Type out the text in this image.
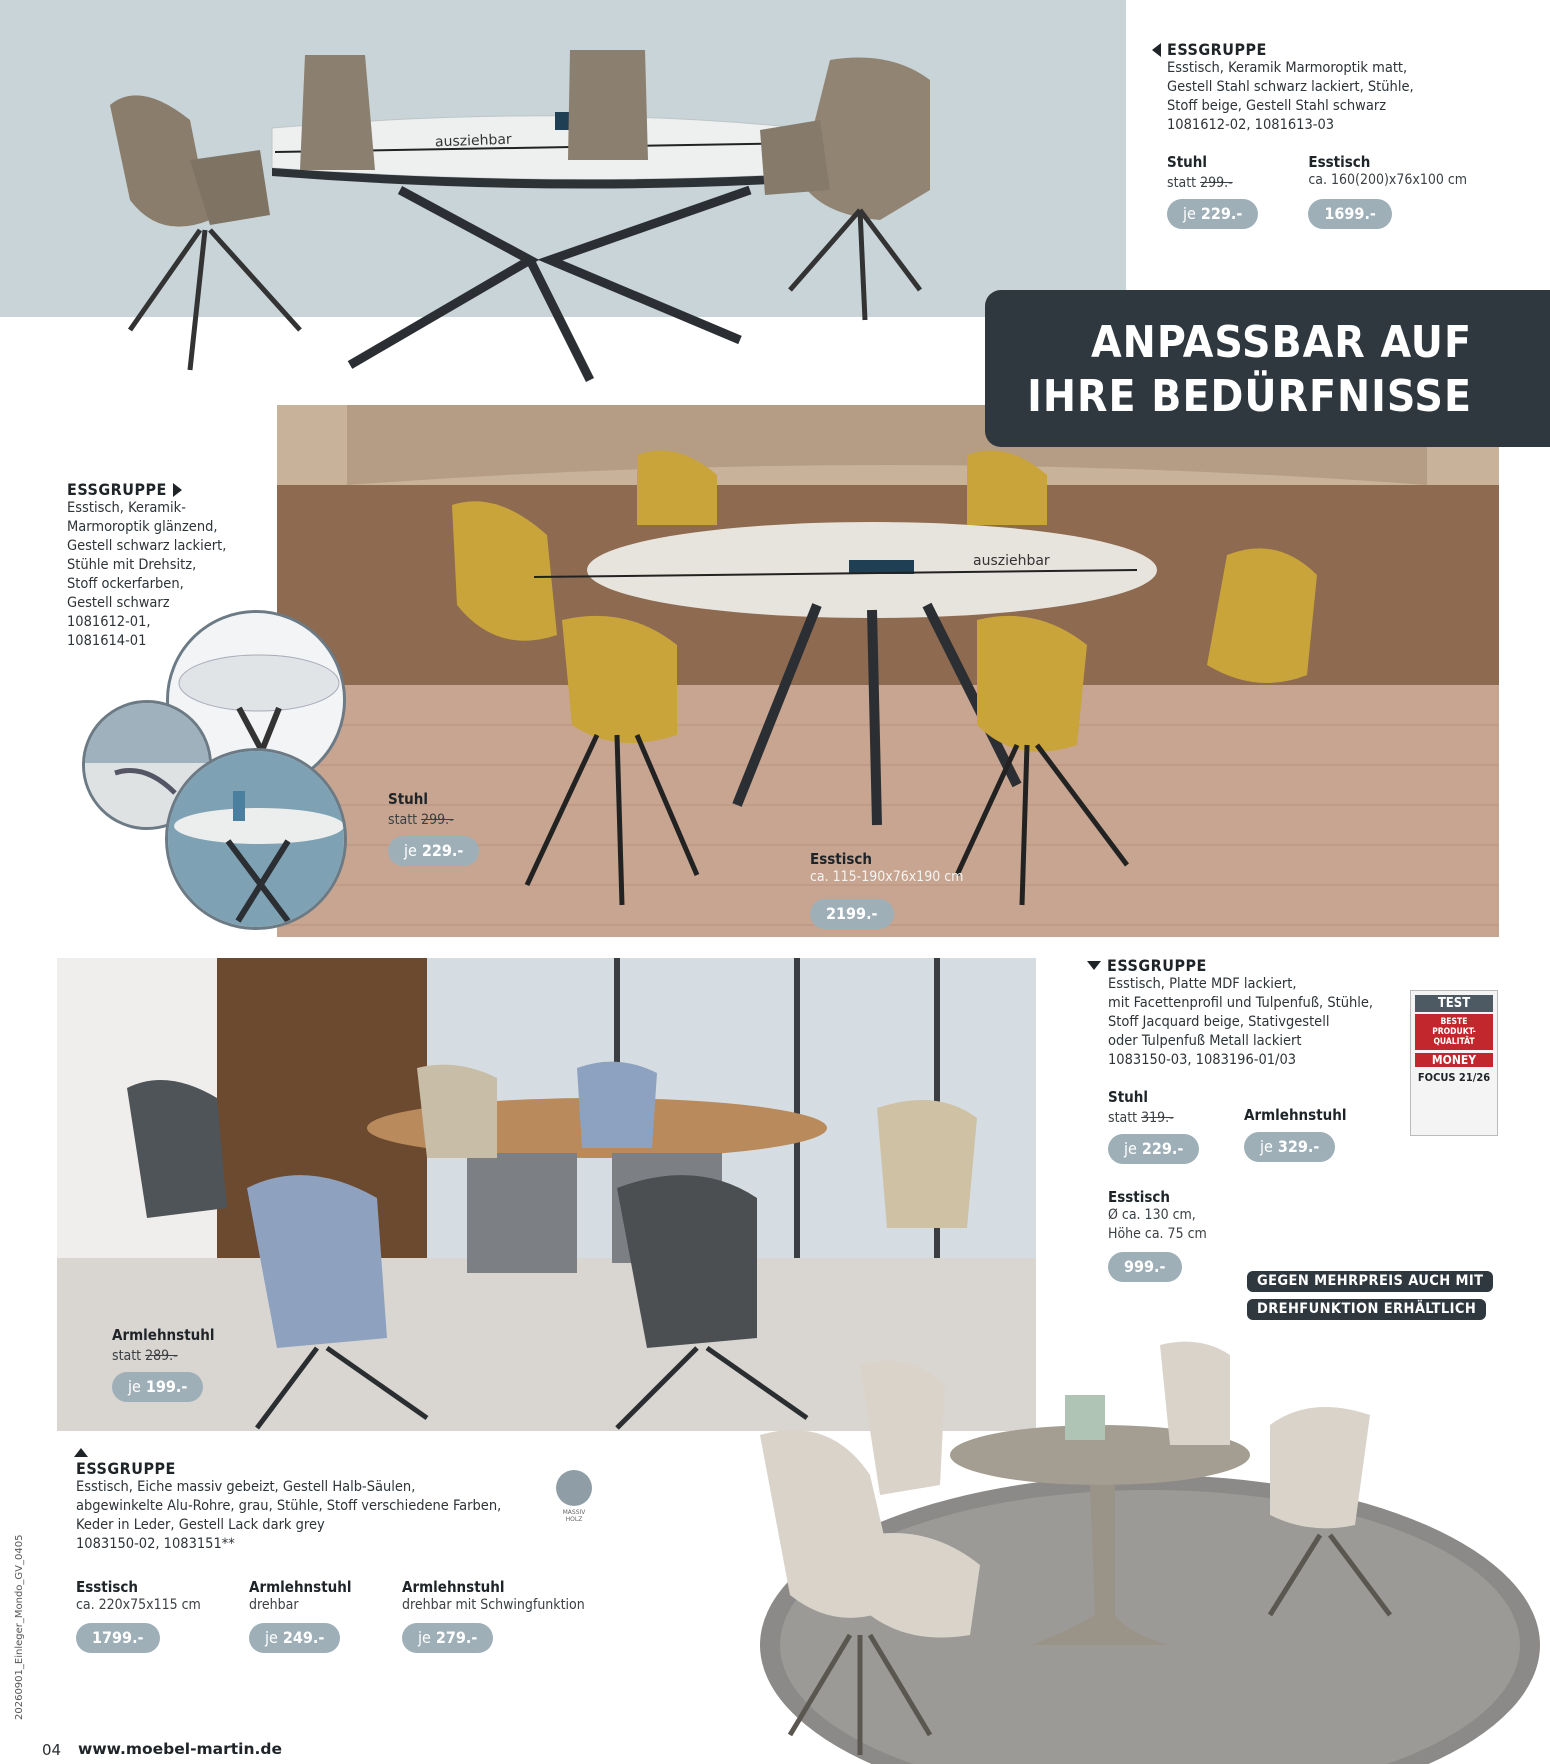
ausziehbar
ESSGRUPPE
Esstisch, Keramik Marmoroptik matt,
Gestell Stahl schwarz lackiert, Stühle,
Stoff beige, Gestell Stahl schwarz
1081612-02, 1081613-03
Stuhl
statt 299.-
je 229.-
Esstisch
ca. 160(200)x76x100 cm
1699.-
ausziehbar
ESSGRUPPE
Esstisch, Keramik-
Marmoroptik glänzend,
Gestell schwarz lackiert,
Stühle mit Drehsitz,
Stoff ockerfarben,
Gestell schwarz
1081612-01,
1081614-01
Stuhl
statt 299.-
je 229.-	Esstisch
ca. 115-190x76x190 cm
2199.-
ANPASSBAR AUF
IHRE BEDÜRFNISSE
Armlehnstuhl
statt 289.-
je 199.-
ESSGRUPPE
Esstisch, Platte MDF lackiert,
mit Facettenprofil und Tulpenfuß, Stühle,
Stoff Jacquard beige, Stativgestell
oder Tulpenfuß Metall lackiert
1083150-03, 1083196-01/03
Stuhl
statt 319.-
je 229.-
Armlehnstuhl
je 329.-
Esstisch
Ø ca. 130 cm,
Höhe ca. 75 cm
999.-
GEGEN MEHRPREIS AUCH MIT
DREHFUNKTION ERHÄLTLICH
TEST
BESTE
PRODUKT-
QUALITÄT
MONEY
FOCUS 21/26
ESSGRUPPE
Esstisch, Eiche massiv gebeizt, Gestell Halb-Säulen,
abgewinkelte Alu-Rohre, grau, Stühle, Stoff verschiedene Farben,
Keder in Leder, Gestell Lack dark grey
1083150-02, 1083151**
MASSIV
HOLZ
Esstisch
ca. 220x75x115 cm
1799.-
Armlehnstuhl
drehbar
je 249.-
Armlehnstuhl
drehbar mit Schwingfunktion
je 279.-
20260901_Einleger_Mondo_GV_0405
04 www.moebel-martin.de
